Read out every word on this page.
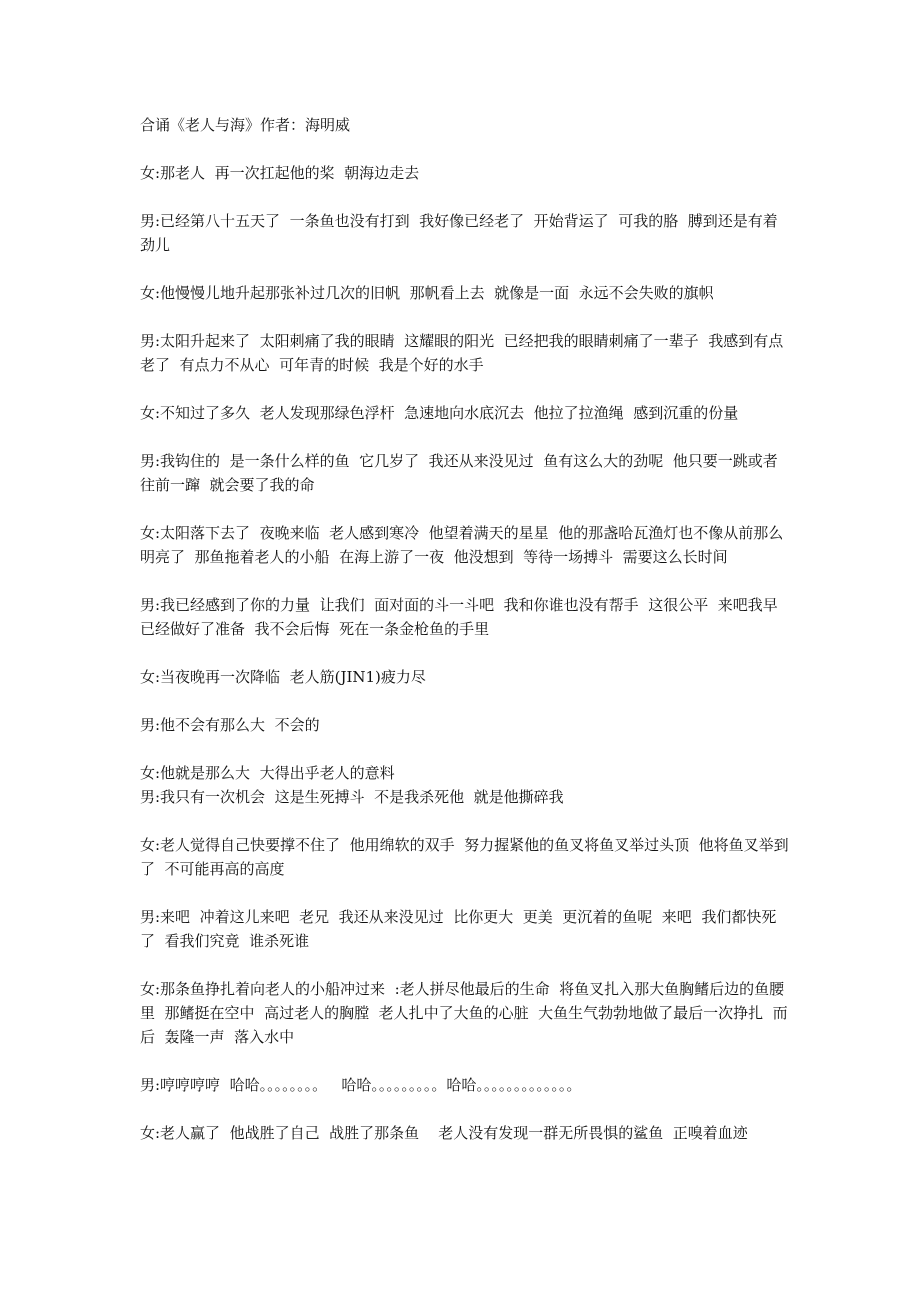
合诵《老人与海》作者：海明威

女:那老人  再一次扛起他的桨  朝海边走去

男:已经第八十五天了  一条鱼也没有打到  我好像已经老了  开始背运了  可我的胳  膊到还是有着劲儿

女:他慢慢儿地升起那张补过几次的旧帆  那帆看上去  就像是一面  永远不会失败的旗帜

男:太阳升起来了  太阳刺痛了我的眼睛  这耀眼的阳光  已经把我的眼睛刺痛了一辈子  我感到有点老了  有点力不从心  可年青的时候  我是个好的水手

女:不知过了多久  老人发现那绿色浮杆  急速地向水底沉去  他拉了拉渔绳  感到沉重的份量

男:我钩住的  是一条什么样的鱼  它几岁了  我还从来没见过  鱼有这么大的劲呢  他只要一跳或者往前一蹿  就会要了我的命

女:太阳落下去了  夜晚来临  老人感到寒冷  他望着满天的星星  他的那盏哈瓦渔灯也不像从前那么明亮了  那鱼拖着老人的小船  在海上游了一夜  他没想到  等待一场搏斗  需要这么长时间

男:我已经感到了你的力量  让我们  面对面的斗一斗吧  我和你谁也没有帮手  这很公平  来吧我早已经做好了准备  我不会后悔  死在一条金枪鱼的手里

女:当夜晚再一次降临  老人筋(JIN1)疲力尽

男:他不会有那么大  不会的

女:他就是那么大  大得出乎老人的意料

男:我只有一次机会  这是生死搏斗  不是我杀死他  就是他撕碎我

女:老人觉得自己快要撑不住了  他用绵软的双手  努力握紧他的鱼叉将鱼叉举过头顶  他将鱼叉举到了  不可能再高的高度

男:来吧  冲着这儿来吧  老兄  我还从来没见过  比你更大  更美  更沉着的鱼呢  来吧  我们都快死了  看我们究竟  谁杀死谁

女:那条鱼挣扎着向老人的小船冲过来  :老人拼尽他最后的生命  将鱼叉扎入那大鱼胸鳍后边的鱼腰里  那鳍挺在空中  高过老人的胸膛  老人扎中了大鱼的心脏  大鱼生气勃勃地做了最后一次挣扎  而后  轰隆一声  落入水中

男:哼哼哼哼  哈哈。。。。。。。。   哈哈。。。。。。。。。哈哈。。。。。。。。。。。。。

女:老人赢了  他战胜了自己  战胜了那条鱼    老人没有发现一群无所畏惧的鲨鱼  正嗅着血迹
